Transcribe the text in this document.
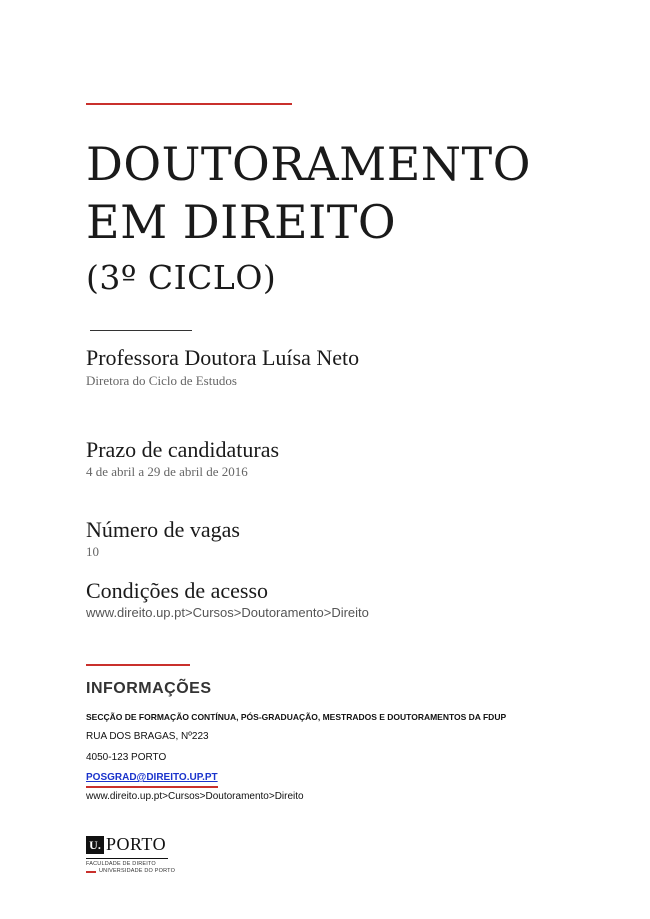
DOUTORAMENTO
EM DIREITO
(3º CICLO)
Professora Doutora Luísa Neto
Diretora do Ciclo de Estudos
Prazo de candidaturas
4 de abril a 29 de abril de 2016
Número de vagas
10
Condições de acesso
www.direito.up.pt>Cursos>Doutoramento>Direito
INFORMAÇÕES
SECÇÃO DE FORMAÇÃO CONTÍNUA, PÓS-GRADUAÇÃO, MESTRADOS E DOUTORAMENTOS DA FDUP
RUA DOS BRAGAS, Nº223
4050-123 PORTO
POSGRAD@DIREITO.UP.PT
www.direito.up.pt>Cursos>Doutoramento>Direito
U. PORTO
FACULDADE DE DIREITO
UNIVERSIDADE DO PORTO
